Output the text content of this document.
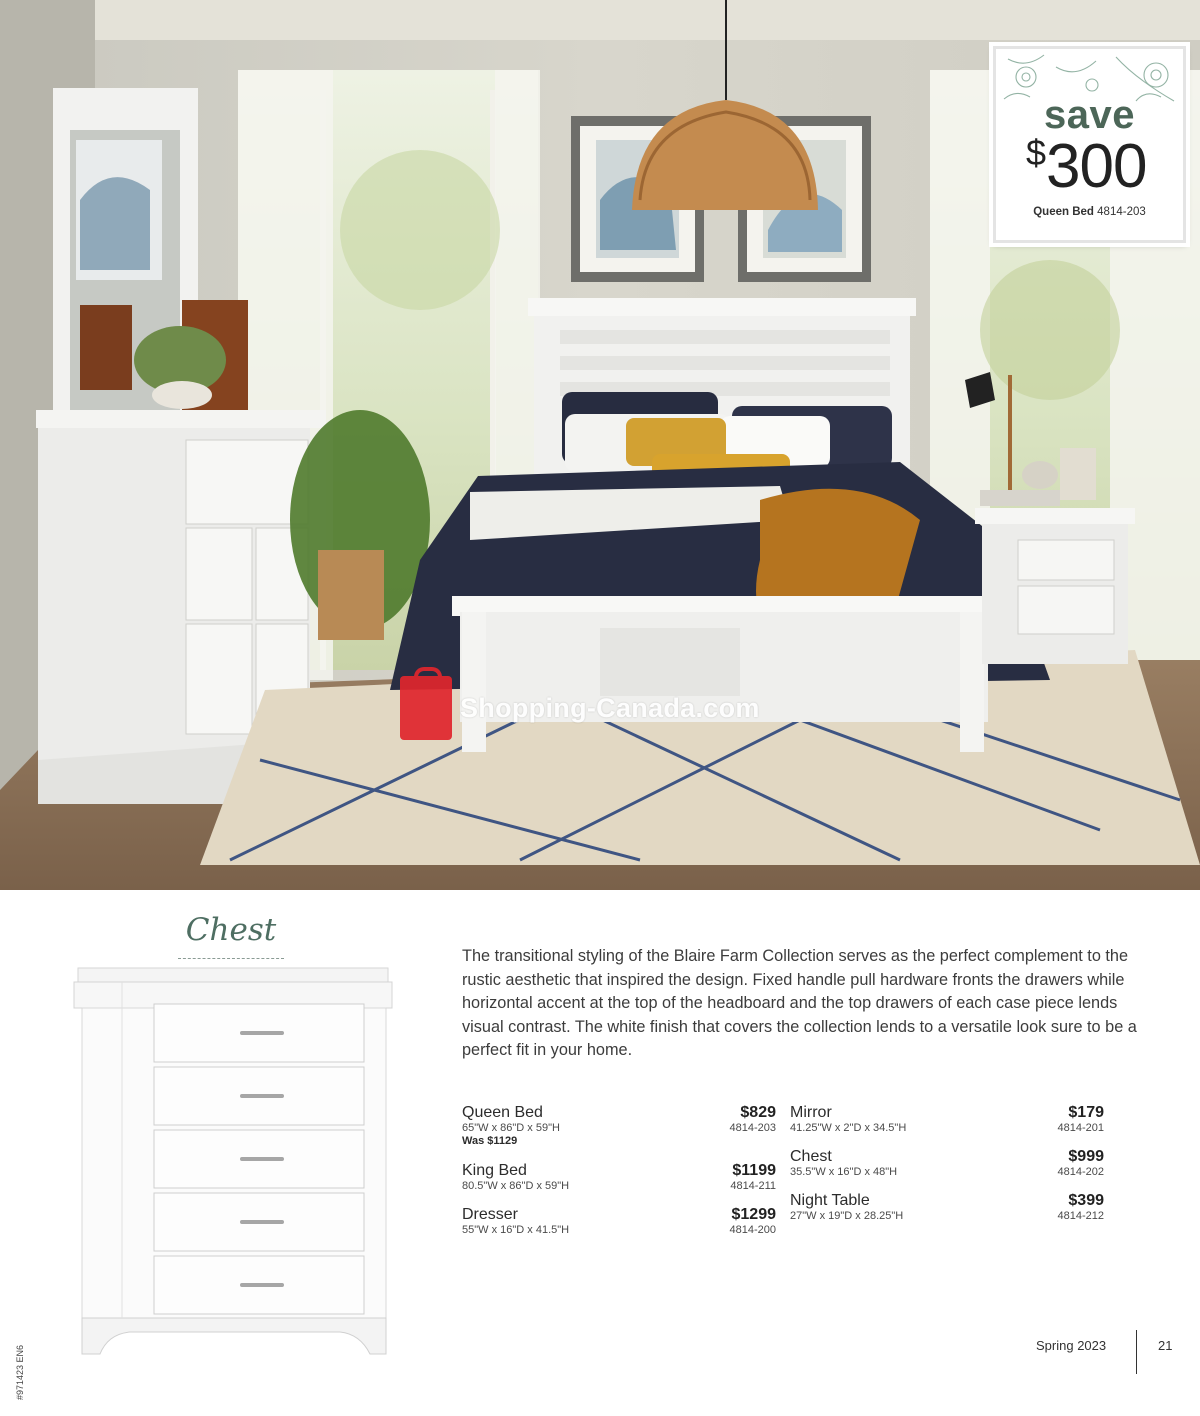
save
$300
Queen Bed 4814-203
Shopping-Canada.com
Chest

The transitional styling of the Blaire Farm Collection serves as the perfect complement to the rustic aesthetic that inspired the design. Fixed handle pull hardware fronts the drawers while horizontal accent at the top of the headboard and the top drawers of each case piece lends visual contrast. The white finish that covers the collection lends to a versatile look sure to be a perfect fit in your home.

Queen Bed
65"W x 86"D x 59"H
Was $1129
$829
4814-203
King Bed
80.5"W x 86"D x 59"H
$1199
4814-211
Dresser
55"W x 16"D x 41.5"H
$1299
4814-200
Mirror
41.25"W x 2"D x 34.5"H
$179
4814-201
Chest
35.5"W x 16"D x 48"H
$999
4814-202
Night Table
27"W x 19"D x 28.25"H
$399
4814-212
#971423 EN6	Spring 2023	21
